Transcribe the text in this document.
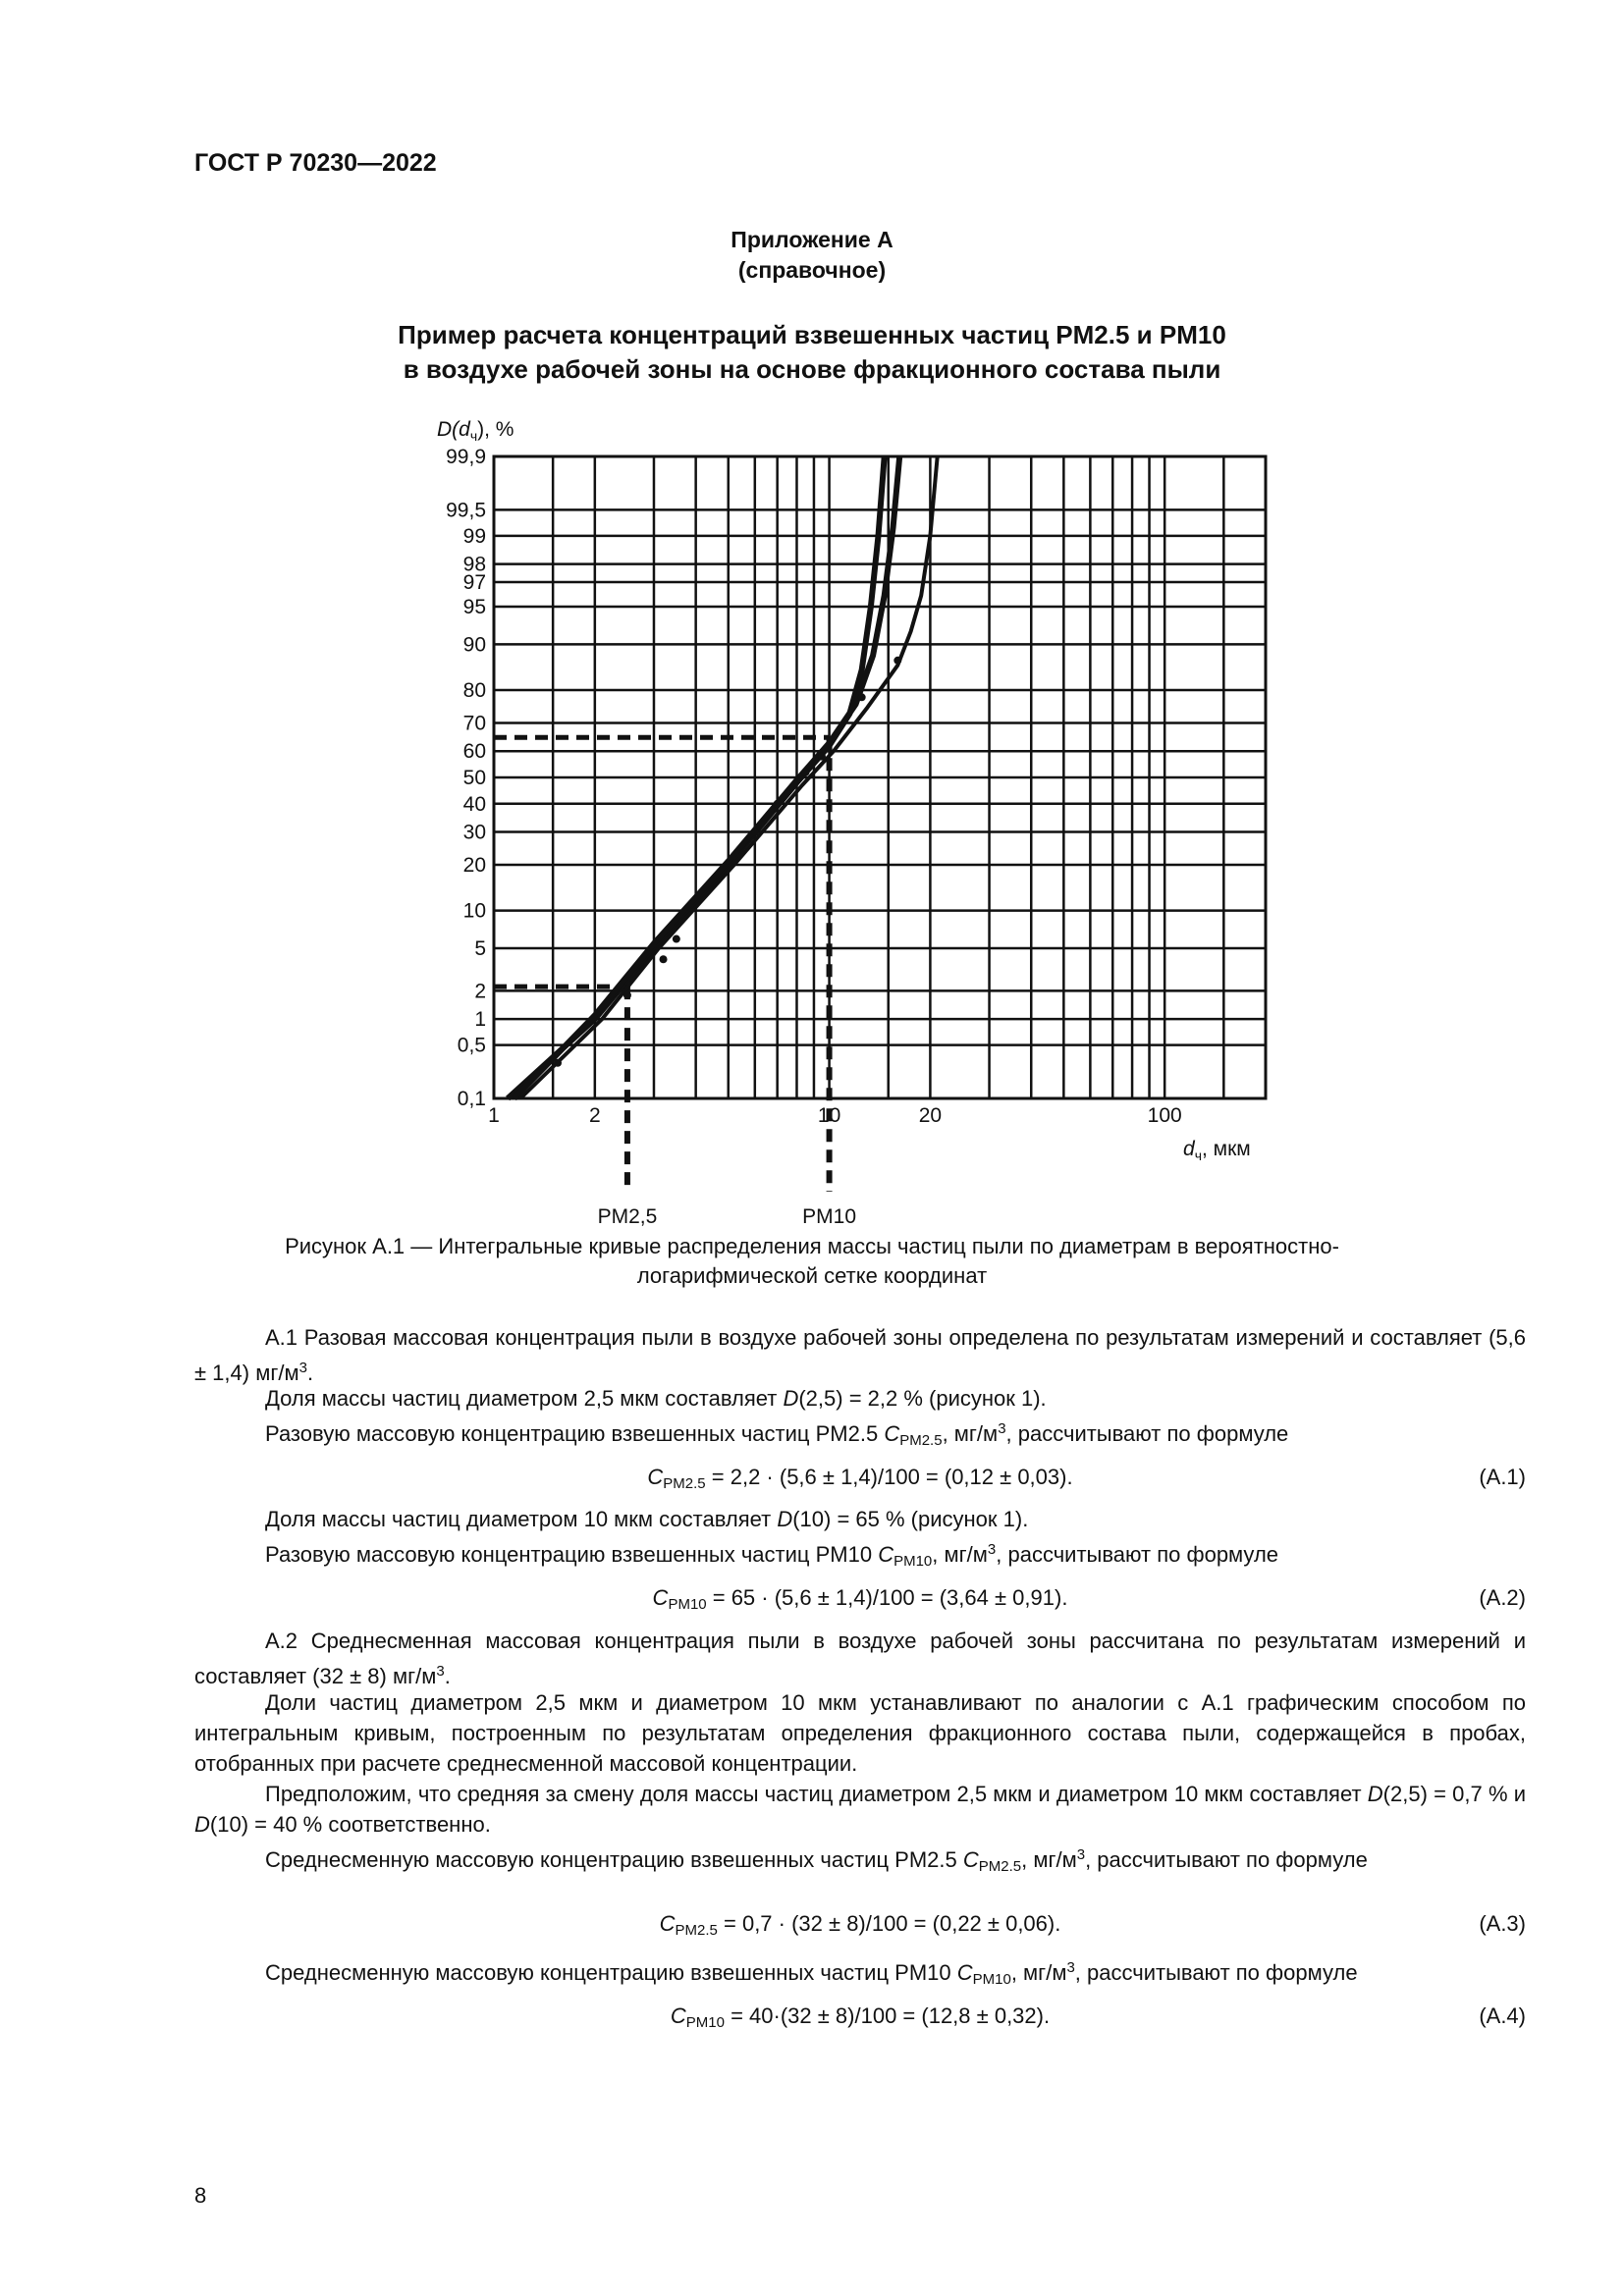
ГОСТ Р 70230—2022
Приложение А
(справочное)
Пример расчета концентраций взвешенных частиц PM2.5 и PM10
в воздухе рабочей зоны на основе фракционного состава пыли
99,9
99,5
99
98
97
95
90
80
70
60
50
40
30
20
10
5
2
1
0,5
0,1
1	2	10	20	100
PM2,5	PM10
$D(d_ч)$, %
$d_ч$, мкм
Рисунок А.1 — Интегральные кривые распределения массы частиц пыли по диаметрам в вероятностно-
логарифмической сетке координат
А.1 Разовая массовая концентрация пыли в воздухе рабочей зоны определена по результатам измерений и составляет (5,6 ± 1,4) $мг/м^3$.
Доля массы частиц диаметром 2,5 мкм составляет D(2,5) = 2,2 % (рисунок 1).
Разовую массовую концентрацию взвешенных частиц PM2.5 $C_{PM2.5}$, $мг/м^3$, рассчитывают по формуле
$C_{PM2.5} = 2,2 \cdot (5,6 \pm 1,4)/100 = (0,12 \pm 0,03)$.	(А.1)
Доля массы частиц диаметром 10 мкм составляет D(10) = 65 % (рисунок 1).
Разовую массовую концентрацию взвешенных частиц PM10 $C_{PM10}$, $мг/м^3$, рассчитывают по формуле
$C_{PM10} = 65 \cdot (5,6 \pm 1,4)/100 = (3,64 \pm 0,91)$.	(А.2)
А.2 Среднесменная массовая концентрация пыли в воздухе рабочей зоны рассчитана по результатам измерений и составляет (32 ± 8) $мг/м^3$.
Доли частиц диаметром 2,5 мкм и диаметром 10 мкм устанавливают по аналогии с А.1 графическим способом по интегральным кривым, построенным по результатам определения фракционного состава пыли, содержащейся в пробах, отобранных при расчете среднесменной массовой концентрации.
Предположим, что средняя за смену доля массы частиц диаметром 2,5 мкм и диаметром 10 мкм составляет D(2,5) = 0,7 % и D(10) = 40 % соответственно.
Среднесменную массовую концентрацию взвешенных частиц PM2.5 $C_{PM2.5}$, $мг/м^3$, рассчитывают по формуле
$C_{PM2.5} = 0,7 \cdot (32 \pm 8)/100 = (0,22 \pm 0,06)$.	(А.3)
Среднесменную массовую концентрацию взвешенных частиц PM10 $C_{PM10}$, $мг/м^3$, рассчитывают по формуле
$C_{PM10} = 40\cdot(32 \pm 8)/100 = (12,8 \pm 0,32)$.	(А.4)
8
